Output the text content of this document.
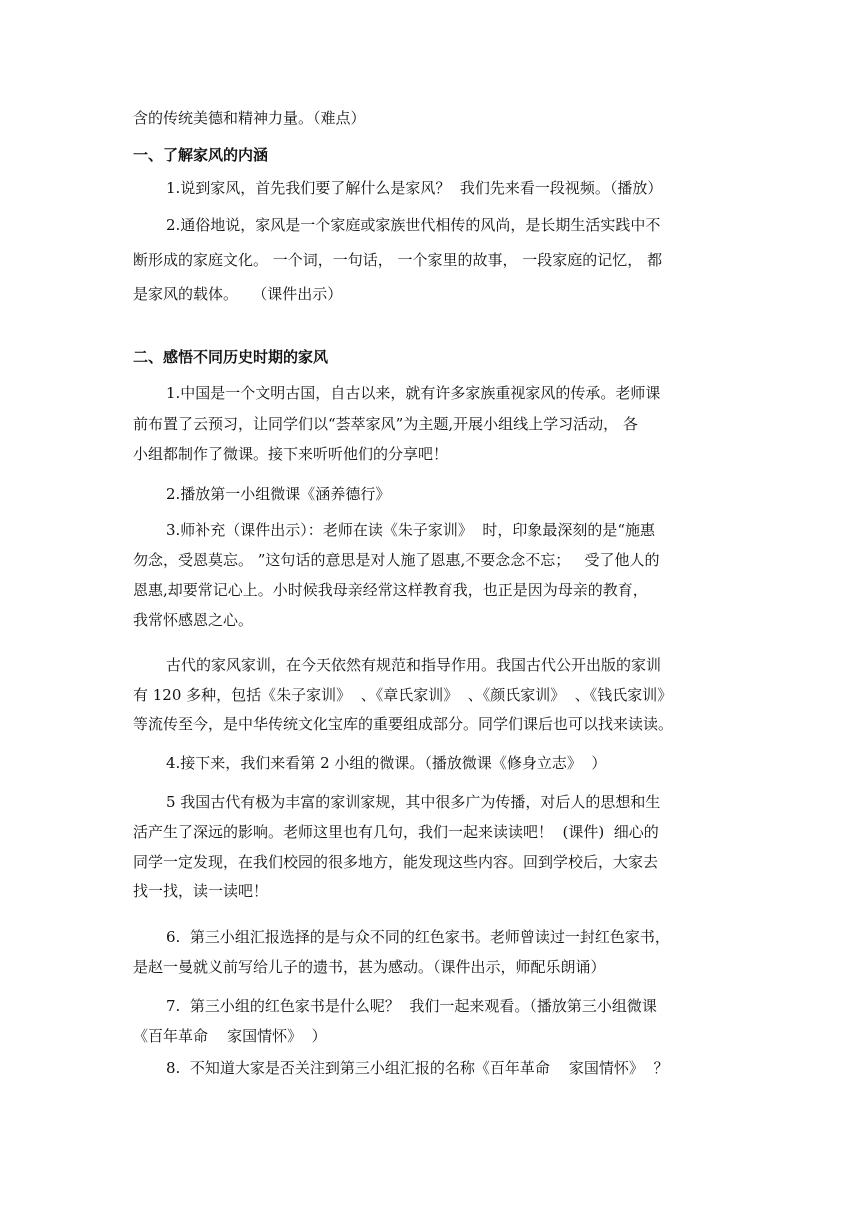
含的传统美德和精神力量。（难点）
一、了解家风的内涵
1.说到家风，首先我们要了解什么是家风？  我们先来看一段视频。（播放）
2.通俗地说，家风是一个家庭或家族世代相传的风尚，是长期生活实践中不
断形成的家庭文化。 一个词，一句话， 一个家里的故事， 一段家庭的记忆， 都
是家风的载体。   （课件出示）
二、感悟不同历史时期的家风
1.中国是一个文明古国，自古以来，就有许多家族重视家风的传承。老师课
前布置了云预习，让同学们以“荟萃家风”为主题,开展小组线上学习活动， 各
小组都制作了微课。接下来听听他们的分享吧！
2.播放第一小组微课《涵养德行》
3.师补充（课件出示）：老师在读《朱子家训》  时，印象最深刻的是“施惠
勿念，受恩莫忘。 ”这句话的意思是对人施了恩惠,不要念念不忘；   受了他人的
恩惠,却要常记心上。小时候我母亲经常这样教育我，也正是因为母亲的教育，
我常怀感恩之心。
古代的家风家训，在今天依然有规范和指导作用。我国古代公开出版的家训
有 120 多种，包括《朱子家训》  、《章氏家训》  、《颜氏家训》  、《钱氏家训》
等流传至今，是中华传统文化宝库的重要组成部分。同学们课后也可以找来读读。
4.接下来，我们来看第 2 小组的微课。（播放微课《修身立志》  ）
5 我国古代有极为丰富的家训家规，其中很多广为传播，对后人的思想和生
活产生了深远的影响。老师这里也有几句，我们一起来读读吧！  (课件)  细心的
同学一定发现，在我们校园的很多地方，能发现这些内容。回到学校后，大家去
找一找，读一读吧！
6.  第三小组汇报选择的是与众不同的红色家书。老师曾读过一封红色家书，
是赵一曼就义前写给儿子的遗书，甚为感动。（课件出示，师配乐朗诵）
7.  第三小组的红色家书是什么呢？  我们一起来观看。（播放第三小组微课
《百年革命    家国情怀》  ）
8.  不知道大家是否关注到第三小组汇报的名称《百年革命    家国情怀》  ？
